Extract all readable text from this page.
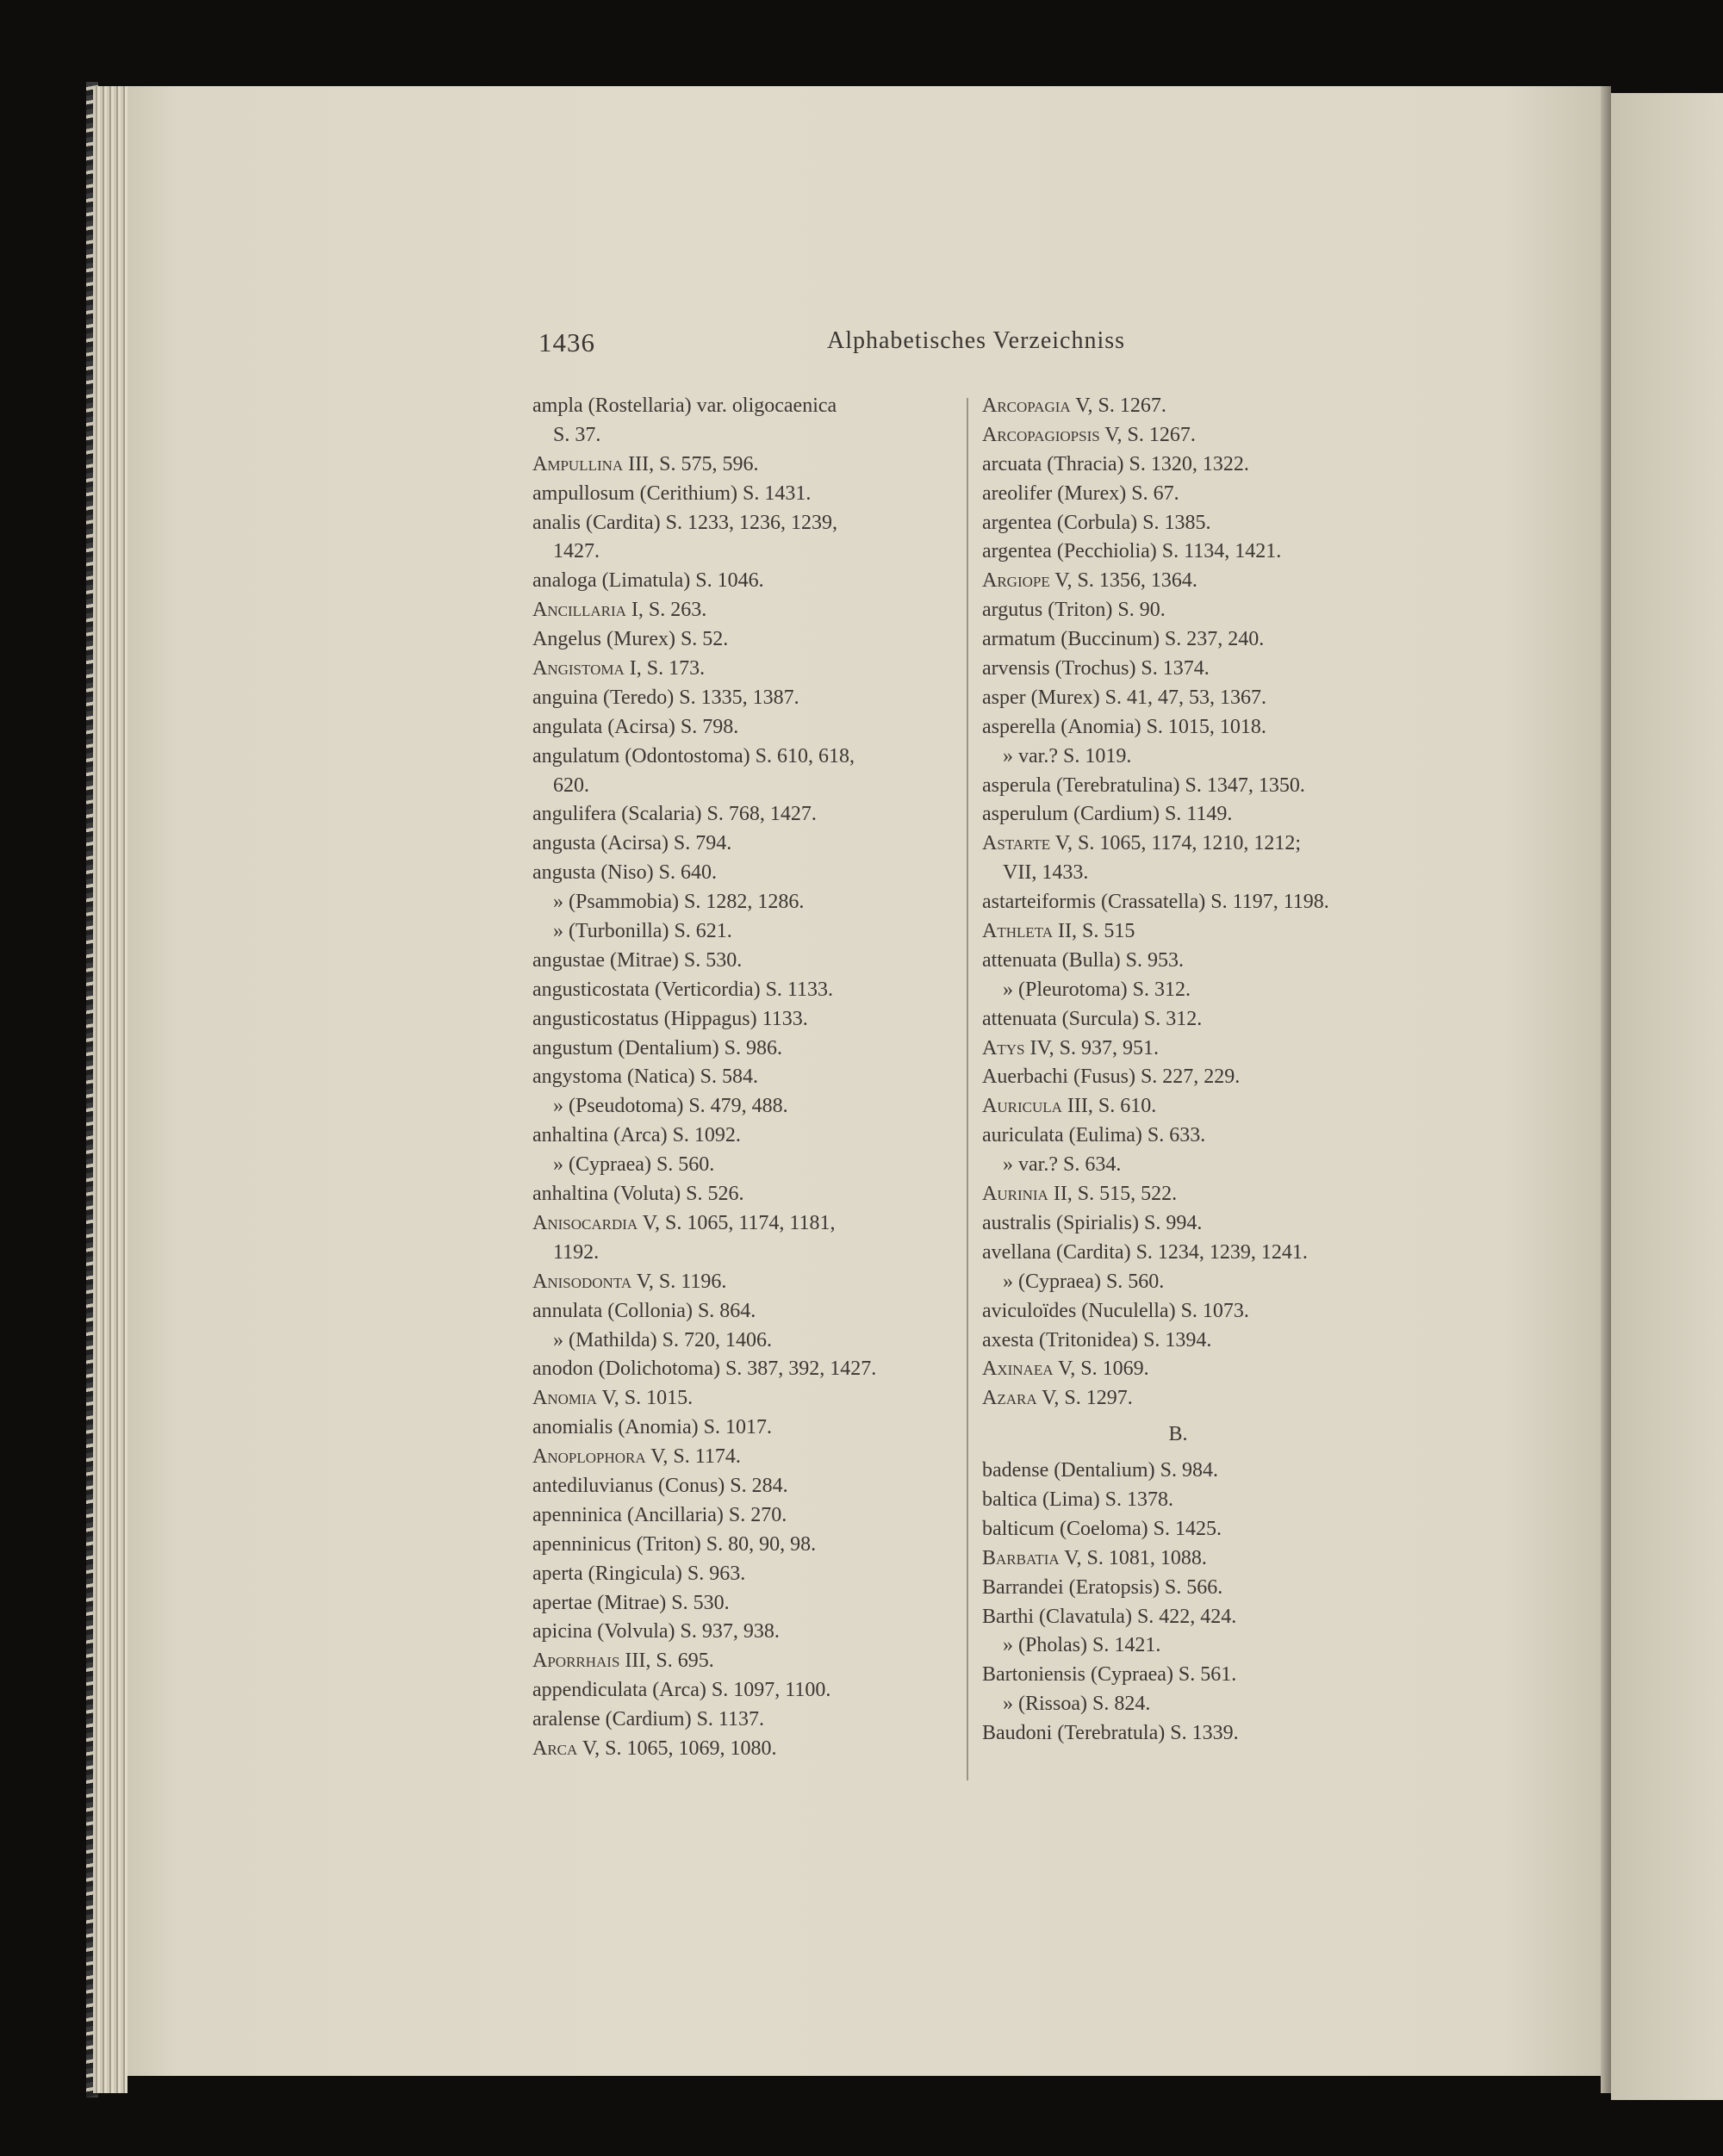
1436	Alphabetisches Verzeichniss
ampla (Rostellaria) var. oligocaenica
S. 37.
Ampullina III, S. 575, 596.
ampullosum (Cerithium) S. 1431.
analis (Cardita) S. 1233, 1236, 1239,
1427.
analoga (Limatula) S. 1046.
Ancillaria I, S. 263.
Angelus (Murex) S. 52.
Angistoma I, S. 173.
anguina (Teredo) S. 1335, 1387.
angulata (Acirsa) S. 798.
angulatum (Odontostoma) S. 610, 618,
620.
angulifera (Scalaria) S. 768, 1427.
angusta (Acirsa) S. 794.
angusta (Niso) S. 640.
» (Psammobia) S. 1282, 1286.
» (Turbonilla) S. 621.
angustae (Mitrae) S. 530.
angusticostata (Verticordia) S. 1133.
angusticostatus (Hippagus) 1133.
angustum (Dentalium) S. 986.
angystoma (Natica) S. 584.
» (Pseudotoma) S. 479, 488.
anhaltina (Arca) S. 1092.
» (Cypraea) S. 560.
anhaltina (Voluta) S. 526.
Anisocardia V, S. 1065, 1174, 1181,
1192.
Anisodonta V, S. 1196.
annulata (Collonia) S. 864.
» (Mathilda) S. 720, 1406.
anodon (Dolichotoma) S. 387, 392, 1427.
Anomia V, S. 1015.
anomialis (Anomia) S. 1017.
Anoplophora V, S. 1174.
antediluvianus (Conus) S. 284.
apenninica (Ancillaria) S. 270.
apenninicus (Triton) S. 80, 90, 98.
aperta (Ringicula) S. 963.
apertae (Mitrae) S. 530.
apicina (Volvula) S. 937, 938.
Aporrhais III, S. 695.
appendiculata (Arca) S. 1097, 1100.
aralense (Cardium) S. 1137.
Arca V, S. 1065, 1069, 1080.
Arcopagia V, S. 1267.
Arcopagiopsis V, S. 1267.
arcuata (Thracia) S. 1320, 1322.
areolifer (Murex) S. 67.
argentea (Corbula) S. 1385.
argentea (Pecchiolia) S. 1134, 1421.
Argiope V, S. 1356, 1364.
argutus (Triton) S. 90.
armatum (Buccinum) S. 237, 240.
arvensis (Trochus) S. 1374.
asper (Murex) S. 41, 47, 53, 1367.
asperella (Anomia) S. 1015, 1018.
» var.? S. 1019.
asperula (Terebratulina) S. 1347, 1350.
asperulum (Cardium) S. 1149.
Astarte V, S. 1065, 1174, 1210, 1212;
VII, 1433.
astarteiformis (Crassatella) S. 1197, 1198.
Athleta II, S. 515
attenuata (Bulla) S. 953.
» (Pleurotoma) S. 312.
attenuata (Surcula) S. 312.
Atys IV, S. 937, 951.
Auerbachi (Fusus) S. 227, 229.
Auricula III, S. 610.
auriculata (Eulima) S. 633.
» var.? S. 634.
Aurinia II, S. 515, 522.
australis (Spirialis) S. 994.
avellana (Cardita) S. 1234, 1239, 1241.
» (Cypraea) S. 560.
aviculoïdes (Nuculella) S. 1073.
axesta (Tritonidea) S. 1394.
Axinaea V, S. 1069.
Azara V, S. 1297.
B.
badense (Dentalium) S. 984.
baltica (Lima) S. 1378.
balticum (Coeloma) S. 1425.
Barbatia V, S. 1081, 1088.
Barrandei (Eratopsis) S. 566.
Barthi (Clavatula) S. 422, 424.
» (Pholas) S. 1421.
Bartoniensis (Cypraea) S. 561.
» (Rissoa) S. 824.
Baudoni (Terebratula) S. 1339.
